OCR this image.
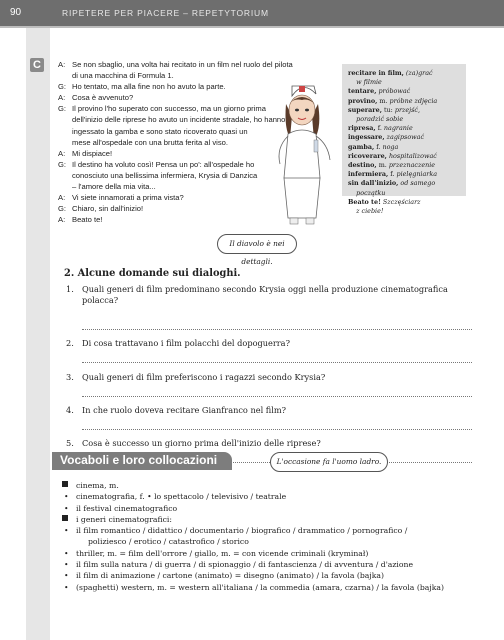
90	RIPETERE PER PIACERE – REPETYTORIUM
C	A: Se non sbaglio, una volta hai recitato in un film nel ruolo del pilota
di una macchina di Formula 1.
G: Ho tentato, ma alla fine non ho avuto la parte.
A: Cosa è avvenuto?
G: Il provino l'ho superato con successo, ma un giorno prima
dell'inizio delle riprese ho avuto un incidente stradale, ho hanno
ingessato la gamba e sono stato ricoverato quasi un
mese all'ospedale con una brutta ferita al viso.
A: Mi dispiace!
G: Il destino ha voluto così! Pensa un po': all'ospedale ho
conosciuto una bellissima infermiera, Krysia di Danzica
– l'amore della mia vita...
A: Vi siete innamorati a prima vista?
G: Chiaro, sin dall'inizio!
A: Beato te!
Il diavolo è nei dettagli.
recitare in film, (za)grać
w filmie
tentare, próbować
provino, m. próbne zdjęcia
superare, tu: przejść,
poradzić sobie
ripresa, f. nagranie
ingessare, zagipsować
gamba, f. noga
ricoverare, hospitalizować
destino, m. przeznaczenie
infermiera, f. pielęgniarka
sin dall'inizio, od samego
początku
Beato te! Szczęściarz
z ciebie!
2. Alcune domande sui dialoghi.
1. Quali generi di film predominano secondo Krysia oggi nella produzione cinematografica polacca?
2. Di cosa trattavano i film polacchi del dopoguerra?
3. Quali generi di film preferiscono i ragazzi secondo Krysia?
4. In che ruolo doveva recitare Gianfranco nel film?
5. Cosa è successo un giorno prima dell'inizio delle riprese?
Vocaboli e loro collocazioni	L'occasione fa l'uomo ladro.
cinema, m.
• cinematografia, f. • lo spettacolo / televisivo / teatrale
• il festival cinematografico
i generi cinematografici:
• il film romantico / didattico / documentario / biografico / drammatico / pornografico /
poliziesco / erotico / catastrofico / storico
• thriller, m. = film dell'orrore / giallo, m. = con vicende criminali (kryminał)
• il film sulla natura / di guerra / di spionaggio / di fantascienza / di avventura / d'azione
• il film di animazione / cartone (animato) = disegno (animato) / la favola (bajka)
• (spaghetti) western, m. = western all'italiana / la commedia (amara, czarna) / la favola (bajka)
